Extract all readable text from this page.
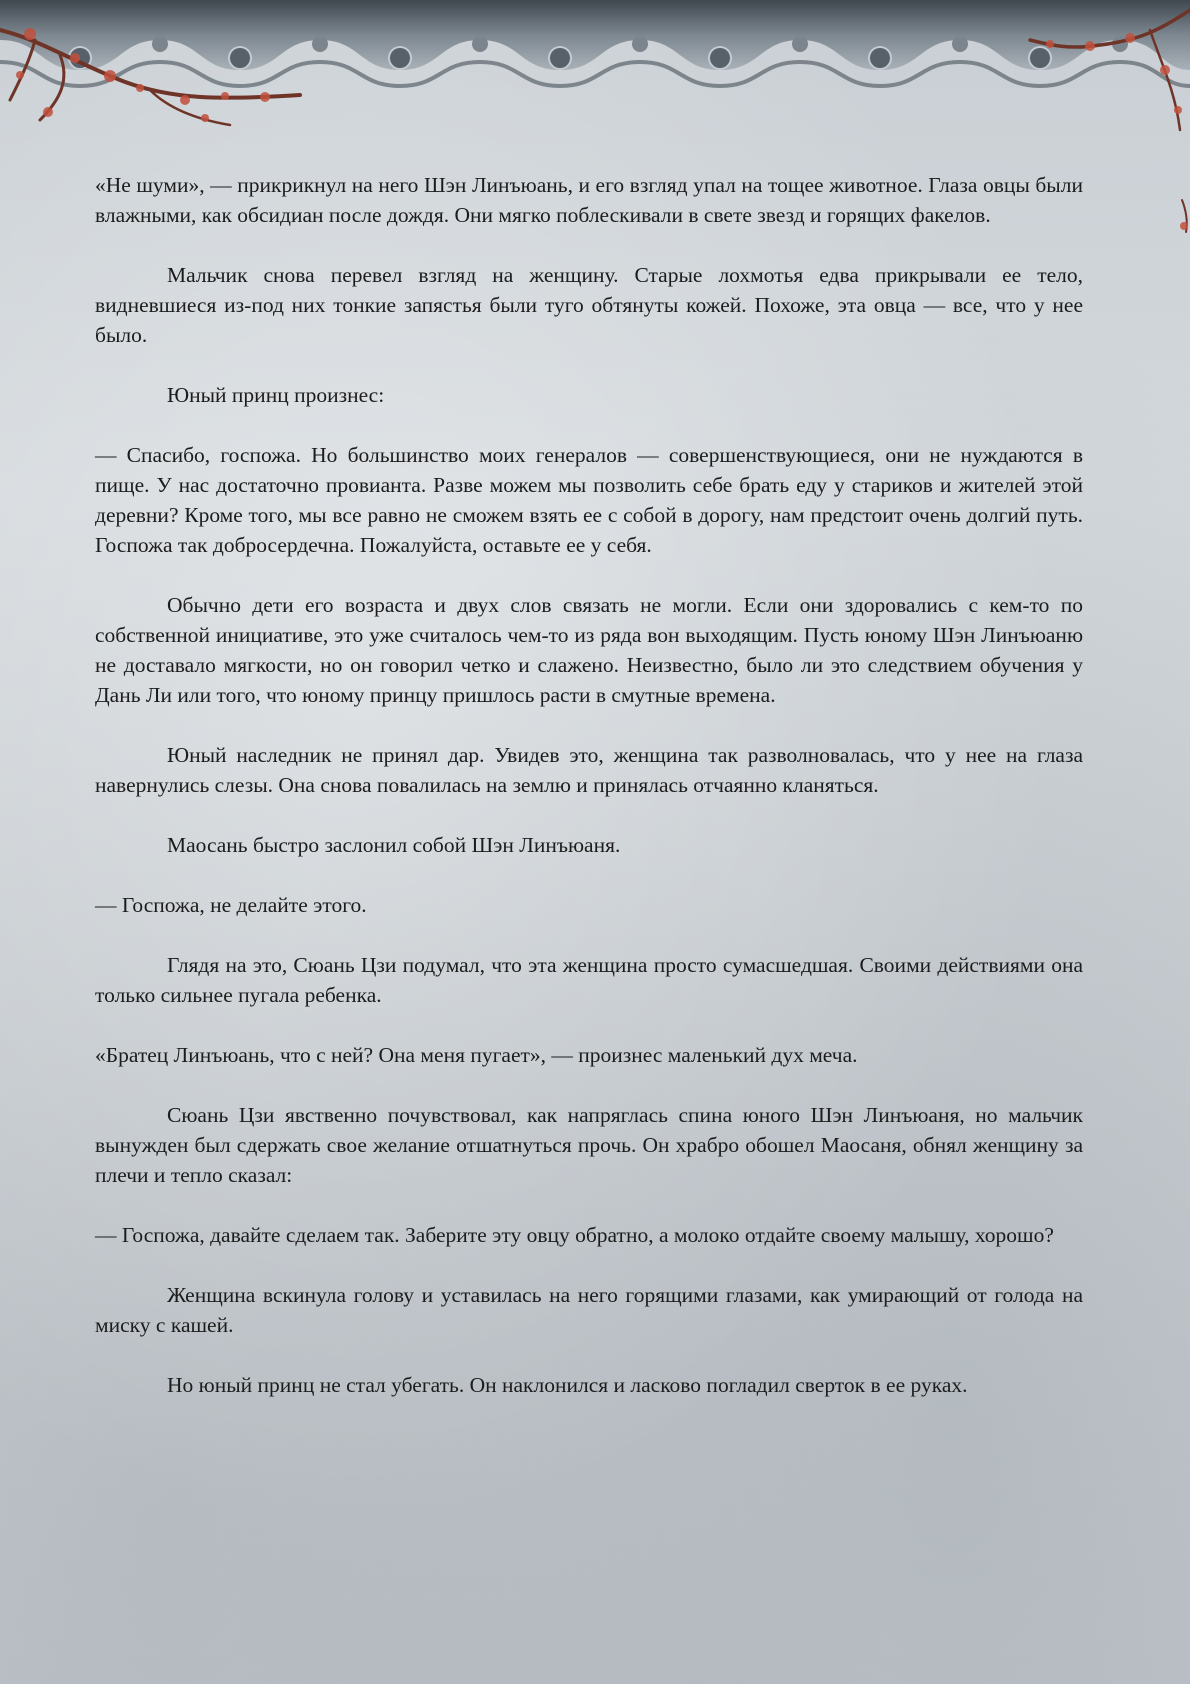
«Не шуми», — прикрикнул на него Шэн Линъюань, и его взгляд упал на тощее животное. Глаза овцы были влажными, как обсидиан после дождя. Они мягко поблескивали в свете звезд и горящих факелов.

Мальчик снова перевел взгляд на женщину. Старые лохмотья едва прикрывали ее тело, видневшиеся из-под них тонкие запястья были туго обтянуты кожей. Похоже, эта овца — все, что у нее было.

Юный принц произнес:

— Спасибо, госпожа. Но большинство моих генералов — совершенствующиеся, они не нуждаются в пище. У нас достаточно провианта. Разве можем мы позволить себе брать еду у стариков и жителей этой деревни? Кроме того, мы все равно не сможем взять ее с собой в дорогу, нам предстоит очень долгий путь. Госпожа так добросердечна. Пожалуйста, оставьте ее у себя.

Обычно дети его возраста и двух слов связать не могли. Если они здоровались с кем-то по собственной инициативе, это уже считалось чем-то из ряда вон выходящим. Пусть юному Шэн Линъюаню не доставало мягкости, но он говорил четко и слажено. Неизвестно, было ли это следствием обучения у Дань Ли или того, что юному принцу пришлось расти в смутные времена.

Юный наследник не принял дар. Увидев это, женщина так разволновалась, что у нее на глаза навернулись слезы. Она снова повалилась на землю и принялась отчаянно кланяться.

Маосань быстро заслонил собой Шэн Линъюаня.

— Госпожа, не делайте этого.

Глядя на это, Сюань Цзи подумал, что эта женщина просто сумасшедшая. Своими действиями она только сильнее пугала ребенка.

«Братец Линъюань, что с ней? Она меня пугает», — произнес маленький дух меча.

Сюань Цзи явственно почувствовал, как напряглась спина юного Шэн Линъюаня, но мальчик вынужден был сдержать свое желание отшатнуться прочь. Он храбро обошел Маосаня, обнял женщину за плечи и тепло сказал:

— Госпожа, давайте сделаем так. Заберите эту овцу обратно, а молоко отдайте своему малышу, хорошо?

Женщина вскинула голову и уставилась на него горящими глазами, как умирающий от голода на миску с кашей.

Но юный принц не стал убегать. Он наклонился и ласково погладил сверток в ее руках.
